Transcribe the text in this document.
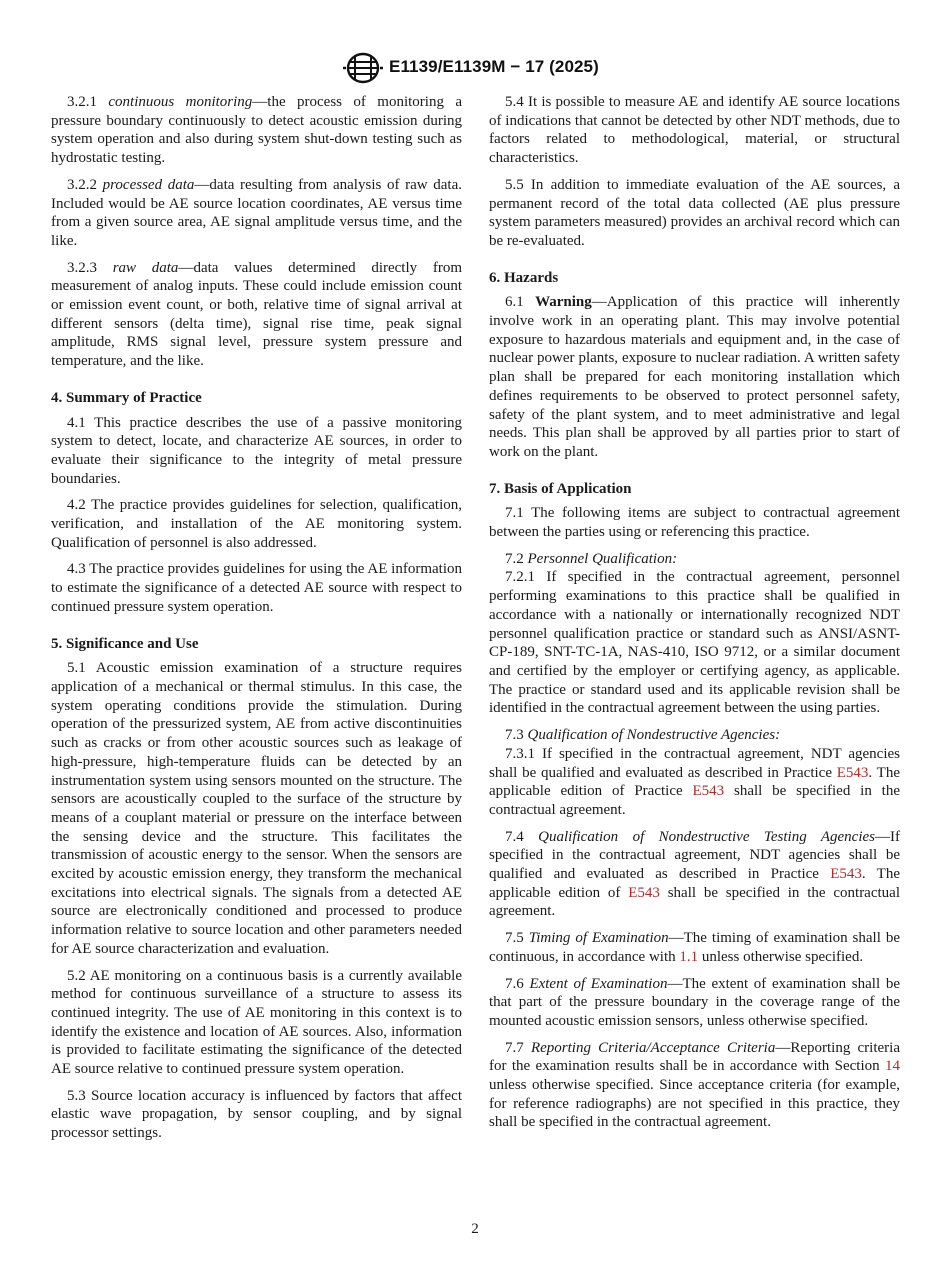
E1139/E1139M − 17 (2025)

3.2.1 continuous monitoring—the process of monitoring a pressure boundary continuously to detect acoustic emission during system operation and also during system shut-down testing such as hydrostatic testing.

3.2.2 processed data—data resulting from analysis of raw data. Included would be AE source location coordinates, AE versus time from a given source area, AE signal amplitude versus time, and the like.

3.2.3 raw data—data values determined directly from measurement of analog inputs. These could include emission count or emission event count, or both, relative time of signal arrival at different sensors (delta time), signal rise time, peak signal amplitude, RMS signal level, pressure system pressure and temperature, and the like.

4. Summary of Practice

4.1 This practice describes the use of a passive monitoring system to detect, locate, and characterize AE sources, in order to evaluate their significance to the integrity of metal pressure boundaries.

4.2 The practice provides guidelines for selection, qualification, verification, and installation of the AE monitoring system. Qualification of personnel is also addressed.

4.3 The practice provides guidelines for using the AE information to estimate the significance of a detected AE source with respect to continued pressure system operation.

5. Significance and Use

5.1 Acoustic emission examination of a structure requires application of a mechanical or thermal stimulus. In this case, the system operating conditions provide the stimulation. During operation of the pressurized system, AE from active discontinuities such as cracks or from other acoustic sources such as leakage of high-pressure, high-temperature fluids can be detected by an instrumentation system using sensors mounted on the structure. The sensors are acoustically coupled to the surface of the structure by means of a couplant material or pressure on the interface between the sensing device and the structure. This facilitates the transmission of acoustic energy to the sensor. When the sensors are excited by acoustic emission energy, they transform the mechanical excitations into electrical signals. The signals from a detected AE source are electronically conditioned and processed to produce information relative to source location and other parameters needed for AE source characterization and evaluation.

5.2 AE monitoring on a continuous basis is a currently available method for continuous surveillance of a structure to assess its continued integrity. The use of AE monitoring in this context is to identify the existence and location of AE sources. Also, information is provided to facilitate estimating the significance of the detected AE source relative to continued pressure system operation.

5.3 Source location accuracy is influenced by factors that affect elastic wave propagation, by sensor coupling, and by signal processor settings.

5.4 It is possible to measure AE and identify AE source locations of indications that cannot be detected by other NDT methods, due to factors related to methodological, material, or structural characteristics.

5.5 In addition to immediate evaluation of the AE sources, a permanent record of the total data collected (AE plus pressure system parameters measured) provides an archival record which can be re-evaluated.

6. Hazards

6.1 Warning—Application of this practice will inherently involve work in an operating plant. This may involve potential exposure to hazardous materials and equipment and, in the case of nuclear power plants, exposure to nuclear radiation. A written safety plan shall be prepared for each monitoring installation which defines requirements to be observed to protect personnel safety, safety of the plant system, and to meet administrative and legal needs. This plan shall be approved by all parties prior to start of work on the plant.

7. Basis of Application

7.1 The following items are subject to contractual agreement between the parties using or referencing this practice.

7.2 Personnel Qualification:

7.2.1 If specified in the contractual agreement, personnel performing examinations to this practice shall be qualified in accordance with a nationally or internationally recognized NDT personnel qualification practice or standard such as ANSI/ASNT-CP-189, SNT-TC-1A, NAS-410, ISO 9712, or a similar document and certified by the employer or certifying agency, as applicable. The practice or standard used and its applicable revision shall be identified in the contractual agreement between the using parties.

7.3 Qualification of Nondestructive Agencies:

7.3.1 If specified in the contractual agreement, NDT agencies shall be qualified and evaluated as described in Practice E543. The applicable edition of Practice E543 shall be specified in the contractual agreement.

7.4 Qualification of Nondestructive Testing Agencies—If specified in the contractual agreement, NDT agencies shall be qualified and evaluated as described in Practice E543. The applicable edition of E543 shall be specified in the contractual agreement.

7.5 Timing of Examination—The timing of examination shall be continuous, in accordance with 1.1 unless otherwise specified.

7.6 Extent of Examination—The extent of examination shall be that part of the pressure boundary in the coverage range of the mounted acoustic emission sensors, unless otherwise specified.

7.7 Reporting Criteria/Acceptance Criteria—Reporting criteria for the examination results shall be in accordance with Section 14 unless otherwise specified. Since acceptance criteria (for example, for reference radiographs) are not specified in this practice, they shall be specified in the contractual agreement.

2
